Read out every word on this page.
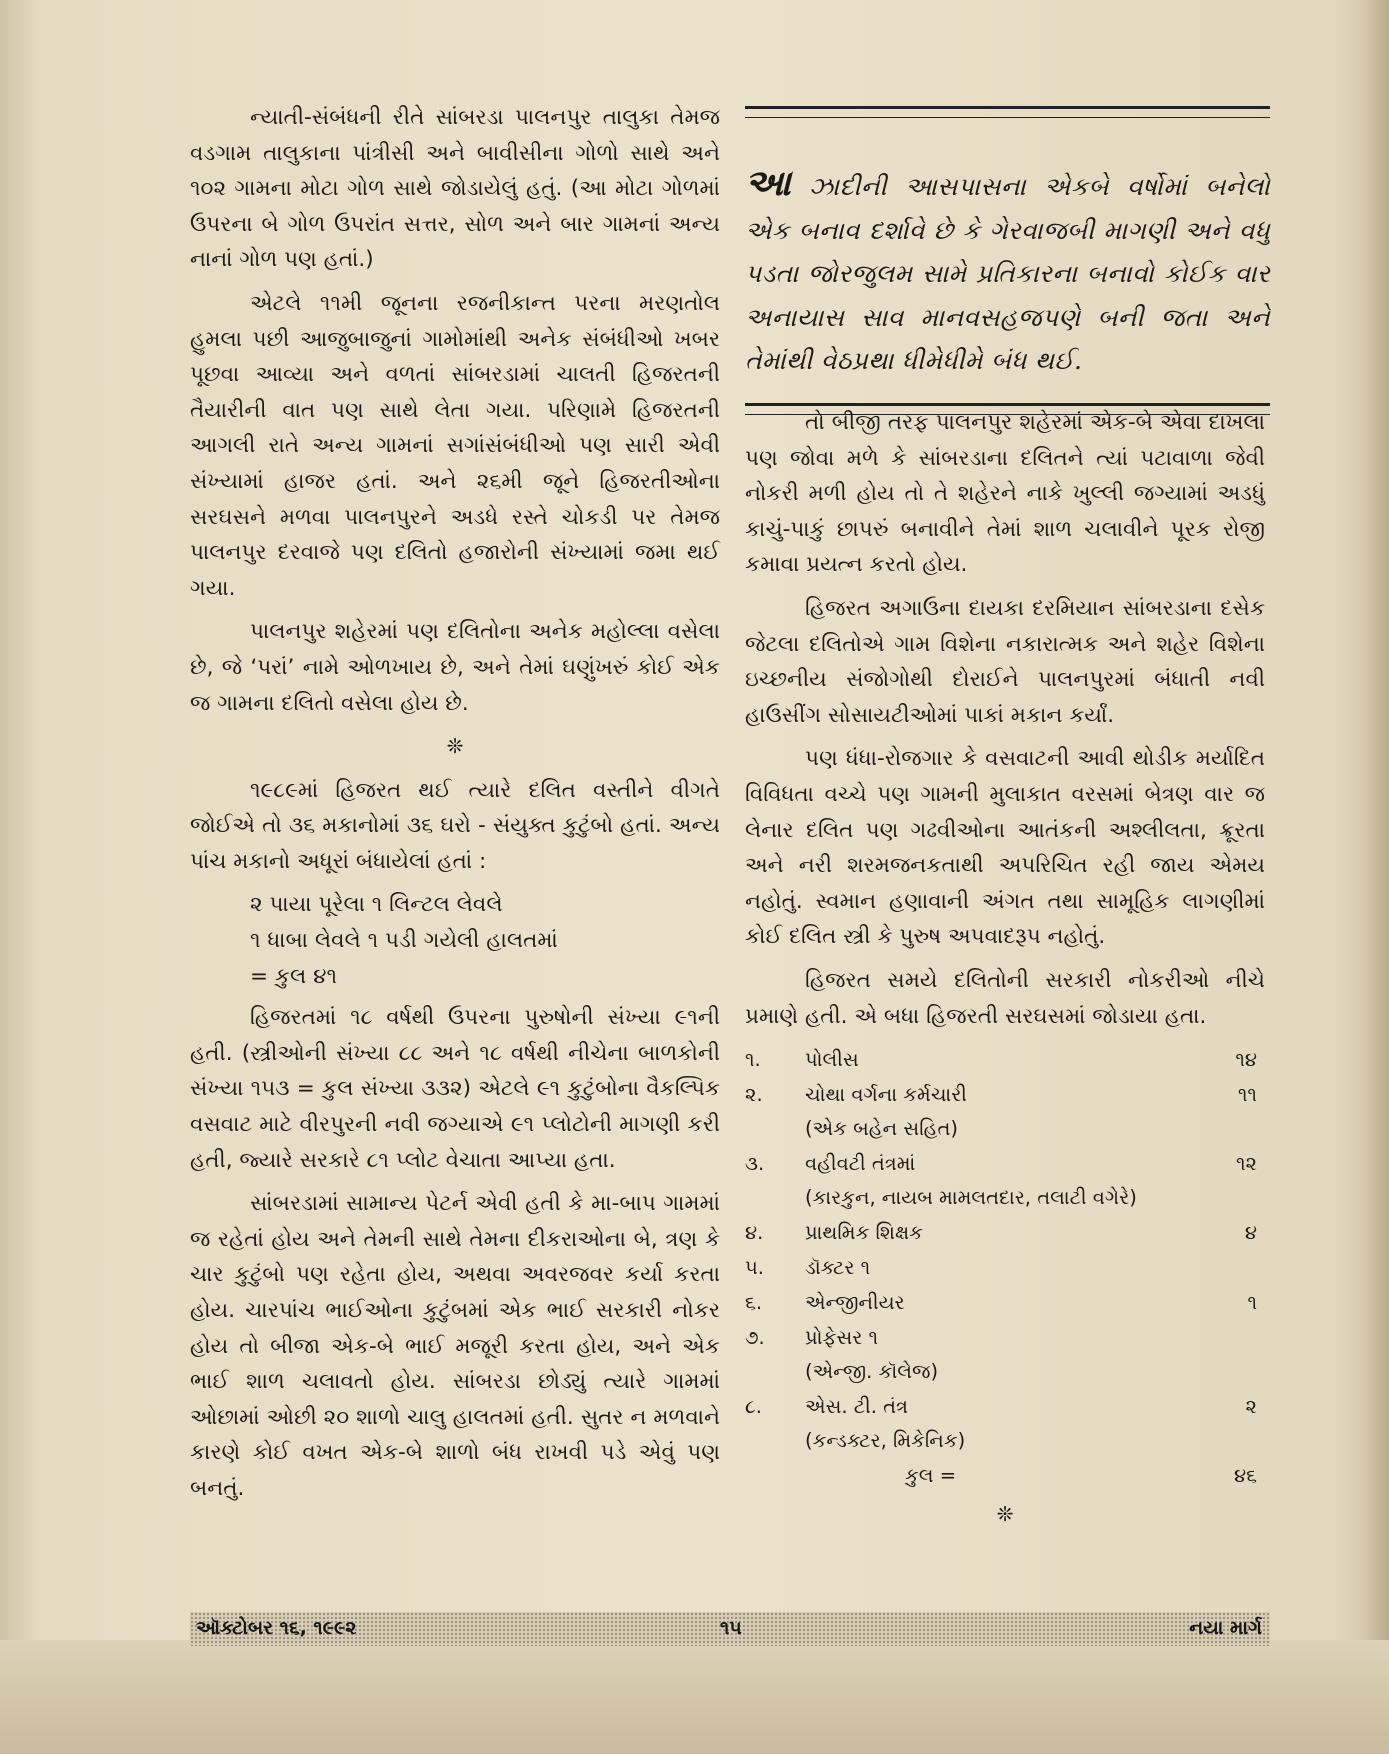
ન્યાતી-સંબંધની રીતે સાંબરડા પાલનપુર તાલુકા તેમજ વડગામ તાલુકાના પાંત્રીસી અને બાવીસીના ગોળો સાથે અને ૧૦૨ ગામના મોટા ગોળ સાથે જોડાયેલું હતું. (આ મોટા ગોળમાં ઉપરના બે ગોળ ઉપરાંત સત્તર, સોળ અને બાર ગામનાં અન્ય નાનાં ગોળ પણ હતાં.)

એટલે ૧૧મી જૂનના રજનીકાન્ત પરના મરણતોલ હુમલા પછી આજુબાજુનાં ગામોમાંથી અનેક સંબંધીઓ ખબર પૂછવા આવ્યા અને વળતાં સાંબરડામાં ચાલતી હિજરતની તૈયારીની વાત પણ સાથે લેતા ગયા. પરિણામે હિજરતની આગલી રાતે અન્ય ગામનાં સગાંસંબંધીઓ પણ સારી એવી સંખ્યામાં હાજર હતાં. અને ૨૬મી જૂને હિજરતીઓના સરઘસને મળવા પાલનપુરને અડધે રસ્તે ચોકડી પર તેમજ પાલનપુર દરવાજે પણ દલિતો હજારોની સંખ્યામાં જમા થઈ ગયા.

પાલનપુર શહેરમાં પણ દલિતોના અનેક મહોલ્લા વસેલા છે, જે ‘પરાં’ નામે ઓળખાય છે, અને તેમાં ઘણુંખરું કોઈ એક જ ગામના દલિતો વસેલા હોય છે.

❊

૧૯૮૯માં હિજરત થઈ ત્યારે દલિત વસ્તીને વીગતે જોઈએ તો ૩૬ મકાનોમાં ૩૬ ઘરો - સંયુક્ત કુટુંબો હતાં. અન્ય પાંચ મકાનો અધૂરાં બંધાયેલાં હતાં :

૨ પાયા પૂરેલા ૧ લિન્ટલ લેવલે
૧ ધાબા લેવલે ૧ પડી ગયેલી હાલતમાં
= કુલ ૪૧

હિજરતમાં ૧૮ વર્ષથી ઉપરના પુરુષોની સંખ્યા ૯૧ની હતી. (સ્ત્રીઓની સંખ્યા ૮૮ અને ૧૮ વર્ષથી નીચેના બાળકોની સંખ્યા ૧૫૩ = કુલ સંખ્યા ૩૩૨) એટલે ૯૧ કુટુંબોના વૈકલ્પિક વસવાટ માટે વીરપુરની નવી જગ્યાએ ૯૧ પ્લોટોની માગણી કરી હતી, જ્યારે સરકારે ૮૧ પ્લોટ વેચાતા આપ્યા હતા.

સાંબરડામાં સામાન્ય પેટર્ન એવી હતી કે મા-બાપ ગામમાં જ રહેતાં હોય અને તેમની સાથે તેમના દીકરાઓના બે, ત્રણ કે ચાર કુટુંબો પણ રહેતા હોય, અથવા અવરજવર કર્યા કરતા હોય. ચારપાંચ ભાઈઓના કુટુંબમાં એક ભાઈ સરકારી નોકર હોય તો બીજા એક-બે ભાઈ મજૂરી કરતા હોય, અને એક ભાઈ શાળ ચલાવતો હોય. સાંબરડા છોડ્યું ત્યારે ગામમાં ઓછામાં ઓછી ૨૦ શાળો ચાલુ હાલતમાં હતી. સુતર ન મળવાને કારણે કોઈ વખત એક-બે શાળો બંધ રાખવી પડે એવું પણ બનતું.

આ ઝાદીની આસપાસના એકબે વર્ષોમાં બનેલો એક બનાવ દર્શાવે છે કે ગેરવાજબી માગણી અને વધુ પડતા જોરજુલમ સામે પ્રતિકારના બનાવો કોઈક વાર અનાયાસ સાવ માનવસહજપણે બની જતા અને તેમાંથી વેઠપ્રથા ધીમેધીમે બંધ થઈ.

તો બીજી તરફ પાલનપુર શહેરમાં એક-બે એવા દાખલા પણ જોવા મળે કે સાંબરડાના દલિતને ત્યાં પટાવાળા જેવી નોકરી મળી હોય તો તે શહેરને નાકે ખુલ્લી જગ્યામાં અડધું કાચું-પાકું છાપરું બનાવીને તેમાં શાળ ચલાવીને પૂરક રોજી કમાવા પ્રયત્ન કરતો હોય.

હિજરત અગાઉના દાયકા દરમિયાન સાંબરડાના દસેક જેટલા દલિતોએ ગામ વિશેના નકારાત્મક અને શહેર વિશેના ઇચ્છનીય સંજોગોથી દોરાઈને પાલનપુરમાં બંધાતી નવી હાઉસીંગ સોસાયટીઓમાં પાકાં મકાન કર્યાં.

પણ ધંધા-રોજગાર કે વસવાટની આવી થોડીક મર્યાદિત વિવિધતા વચ્ચે પણ ગામની મુલાકાત વરસમાં બેત્રણ વાર જ લેનાર દલિત પણ ગઢવીઓના આતંકની અશ્લીલતા, ક્રૂરતા અને નરી શરમજનકતાથી અપરિચિત રહી જાય એમય નહોતું. સ્વમાન હણાવાની અંગત તથા સામૂહિક લાગણીમાં કોઈ દલિત સ્ત્રી કે પુરુષ અપવાદરૂપ નહોતું.

હિજરત સમયે દલિતોની સરકારી નોકરીઓ નીચે પ્રમાણે હતી. એ બધા હિજરતી સરઘસમાં જોડાયા હતા.

૧.	પોલીસ	૧૪
૨.	ચોથા વર્ગના કર્મચારી	૧૧
	(એક બહેન સહિત)	
૩.	વહીવટી તંત્રમાં	૧૨
	(કારકુન, નાયબ મામલતદાર, તલાટી વગેરે)	
૪.	પ્રાથમિક શિક્ષક	૪
૫.	ડૉક્ટર ૧	
૬.	એન્જીનીયર	૧
૭.	પ્રોફેસર ૧	
	(એન્જી. કૉલેજ)	
૮.	એસ. ટી. તંત્ર	૨
	(કન્ડક્ટર, મિકેનિક)	
	કુલ =	૪૬
❊
ઑક્ટોબર ૧૬, ૧૯૯૨	૧૫	નયા માર્ગ
